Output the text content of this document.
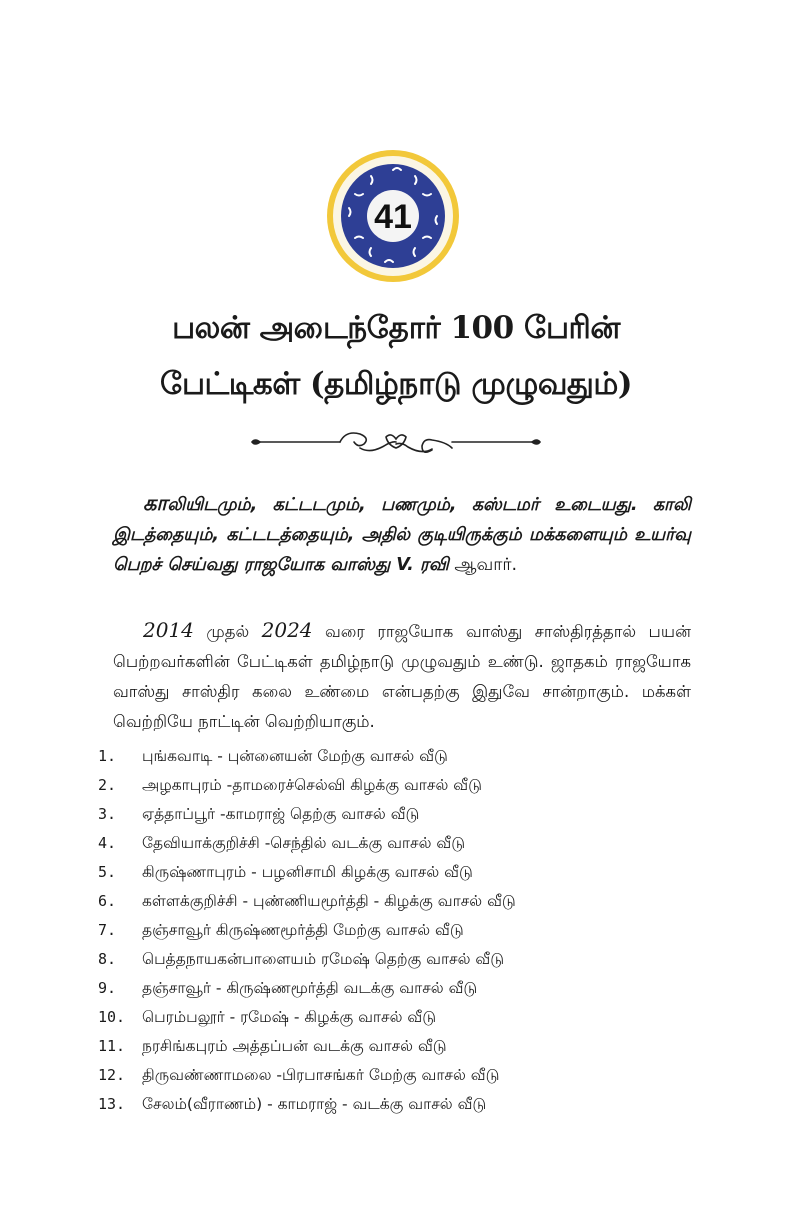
41
பலன் அடைந்தோர் 100 பேரின்
பேட்டிகள் (தமிழ்நாடு முழுவதும்)

காலியிடமும், கட்டடமும், பணமும், கஸ்டமர் உடையது. காலி இடத்தையும், கட்டடத்தையும், அதில் குடியிருக்கும் மக்களையும் உயர்வு பெறச் செய்வது ராஜயோக வாஸ்து V. ரவி ஆவார்.

2014 முதல் 2024 வரை ராஜயோக வாஸ்து சாஸ்திரத்தால் பயன் பெற்றவர்களின் பேட்டிகள் தமிழ்நாடு முழுவதும் உண்டு. ஜாதகம் ராஜயோக வாஸ்து சாஸ்திர கலை உண்மை என்பதற்கு இதுவே சான்றாகும். மக்கள் வெற்றியே நாட்டின் வெற்றியாகும்.

1. புங்கவாடி - புன்னையன் மேற்கு வாசல் வீடு
2. அழகாபுரம் -தாமரைச்செல்வி கிழக்கு வாசல் வீடு
3. ஏத்தாப்பூர் -காமராஜ் தெற்கு வாசல் வீடு
4. தேவியாக்குறிச்சி -செந்தில் வடக்கு வாசல் வீடு
5. கிருஷ்ணாபுரம் - பழனிசாமி கிழக்கு வாசல் வீடு
6. கள்ளக்குறிச்சி - புண்ணியமூர்த்தி - கிழக்கு வாசல் வீடு
7. தஞ்சாவூர் கிருஷ்ணமூர்த்தி மேற்கு வாசல் வீடு
8. பெத்தநாயகன்பாளையம் ரமேஷ் தெற்கு வாசல் வீடு
9. தஞ்சாவூர் - கிருஷ்ணமூர்த்தி வடக்கு வாசல் வீடு
10. பெரம்பலூர் - ரமேஷ் - கிழக்கு வாசல் வீடு
11. நரசிங்கபுரம் அத்தப்பன் வடக்கு வாசல் வீடு
12. திருவண்ணாமலை -பிரபாசங்கர் மேற்கு வாசல் வீடு
13. சேலம்(வீராணம்) - காமராஜ் - வடக்கு வாசல் வீடு
